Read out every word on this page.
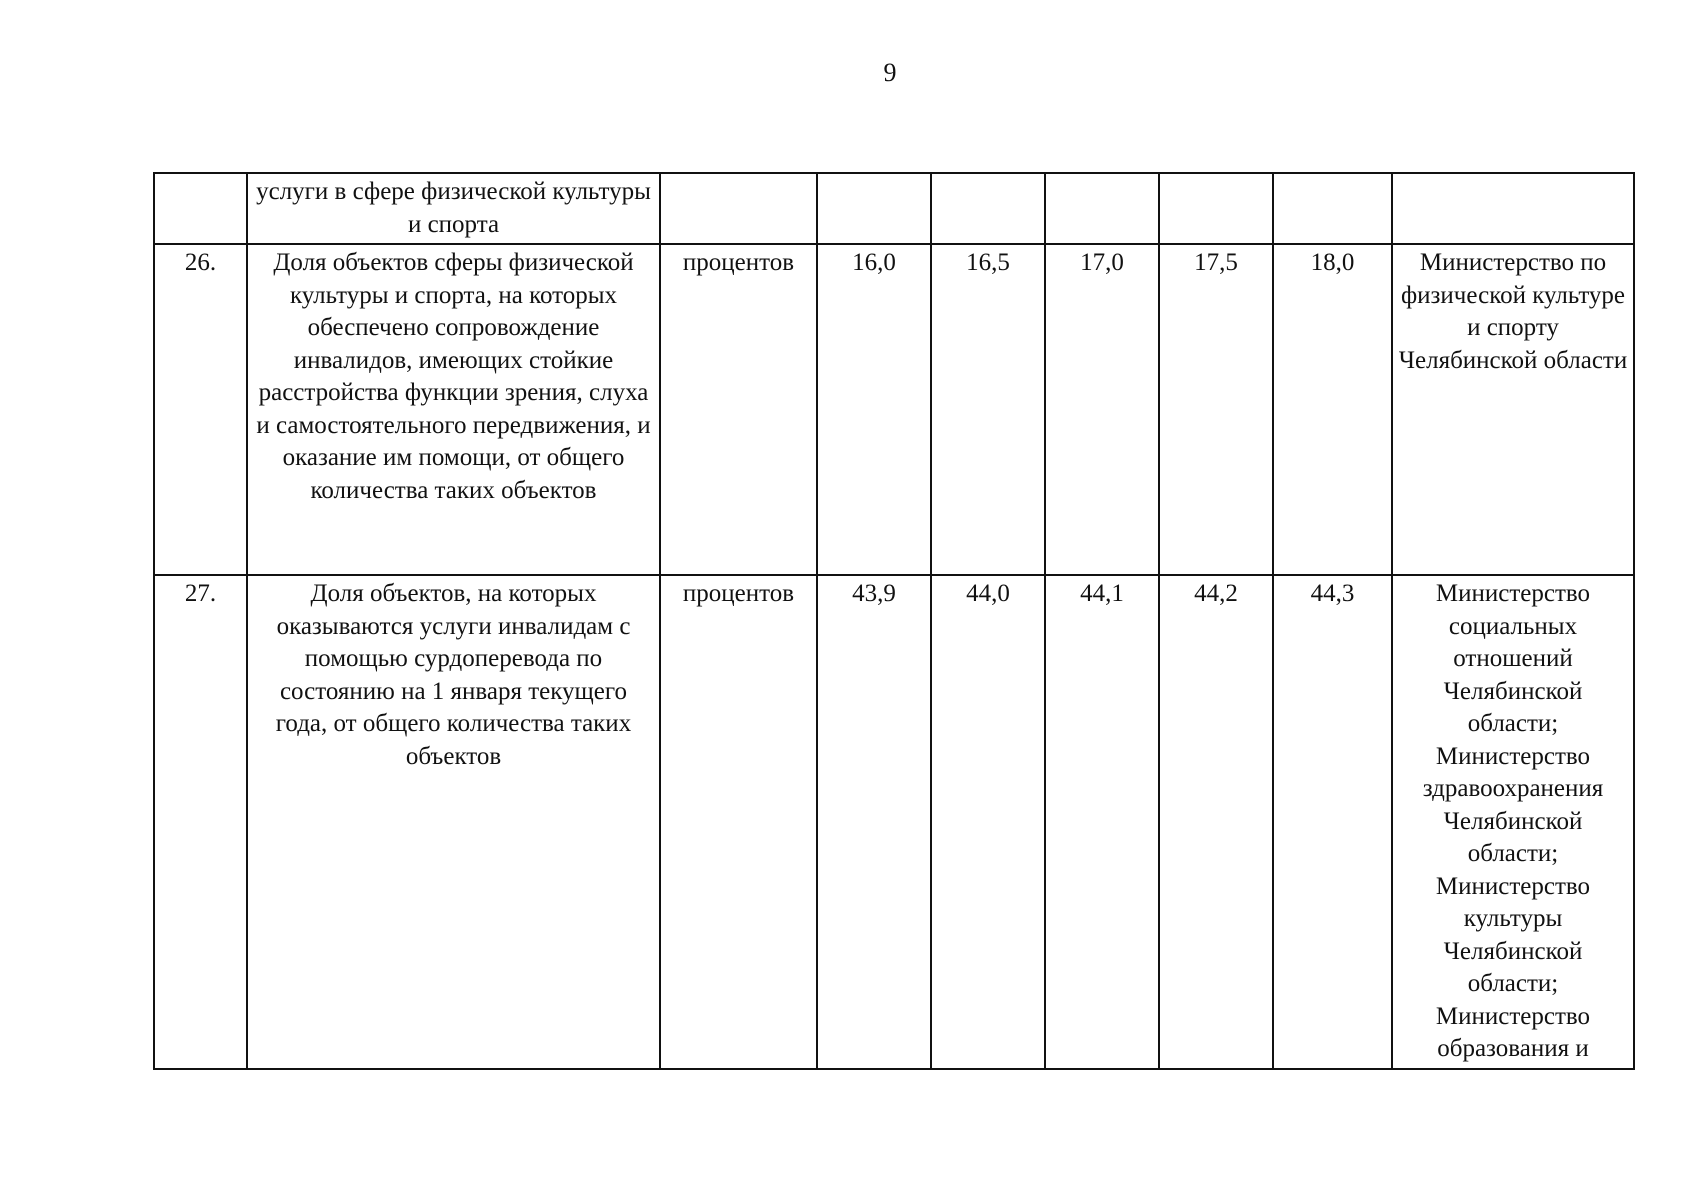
9
	услуги в сфере физической культуры и спорта							
26.	Доля объектов сферы физической культуры и спорта, на которых обеспечено сопровождение инвалидов, имеющих стойкие расстройства функции зрения, слуха и самостоятельного передвижения, и оказание им помощи, от общего количества таких объектов	процентов	16,0	16,5	17,0	17,5	18,0	Министерство по физической культуре и спорту Челябинской области
27.	Доля объектов, на которых оказываются услуги инвалидам с помощью сурдоперевода по состоянию на 1 января текущего года, от общего количества таких объектов	процентов	43,9	44,0	44,1	44,2	44,3	Министерство социальных отношений Челябинской области; Министерство здравоохранения Челябинской области; Министерство культуры Челябинской области; Министерство образования и
